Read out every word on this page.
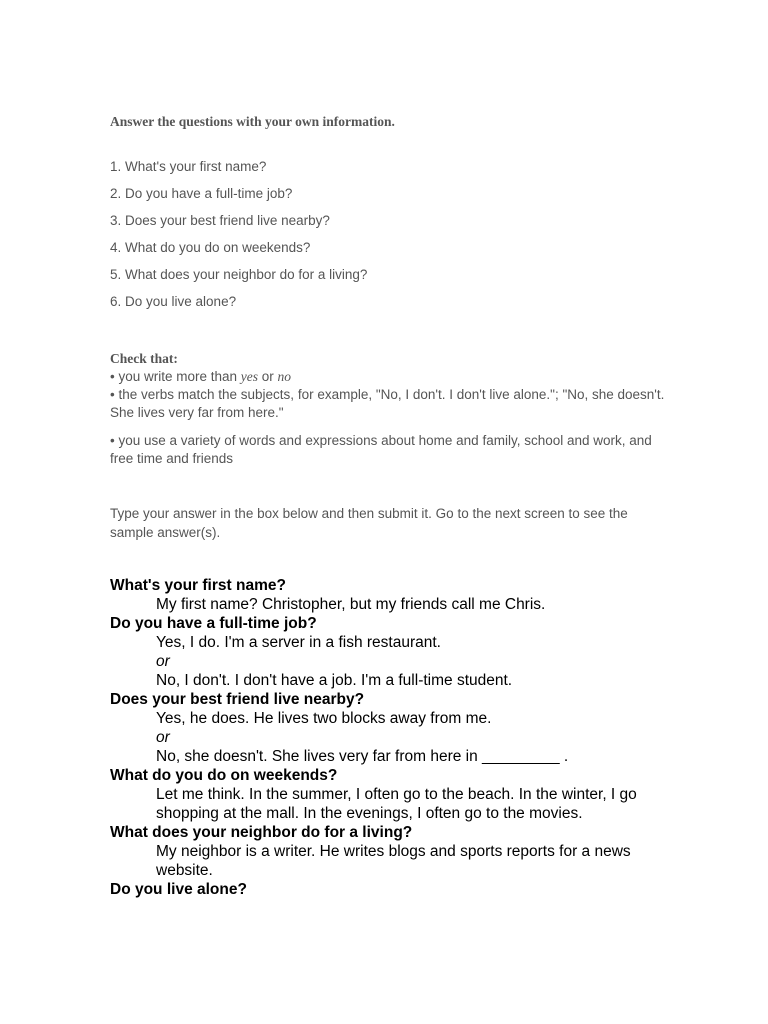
Answer the questions with your own information.
1. What's your first name?
2. Do you have a full-time job?
3. Does your best friend live nearby?
4. What do you do on weekends?
5. What does your neighbor do for a living?
6. Do you live alone?
Check that:
• you write more than yes or no
• the verbs match the subjects, for example, "No, I don't. I don't live alone."; "No, she doesn't. She lives very far from here."
• you use a variety of words and expressions about home and family, school and work, and free time and friends
Type your answer in the box below and then submit it. Go to the next screen to see the sample answer(s).
What's your first name?
My first name? Christopher, but my friends call me Chris.
Do you have a full-time job?
Yes, I do. I'm a server in a fish restaurant.
or
No, I don't. I don't have a job. I'm a full-time student.
Does your best friend live nearby?
Yes, he does. He lives two blocks away from me.
or
No, she doesn't. She lives very far from here in _________ .
What do you do on weekends?
Let me think. In the summer, I often go to the beach. In the winter, I go shopping at the mall. In the evenings, I often go to the movies.
What does your neighbor do for a living?
My neighbor is a writer. He writes blogs and sports reports for a news website.
Do you live alone?
